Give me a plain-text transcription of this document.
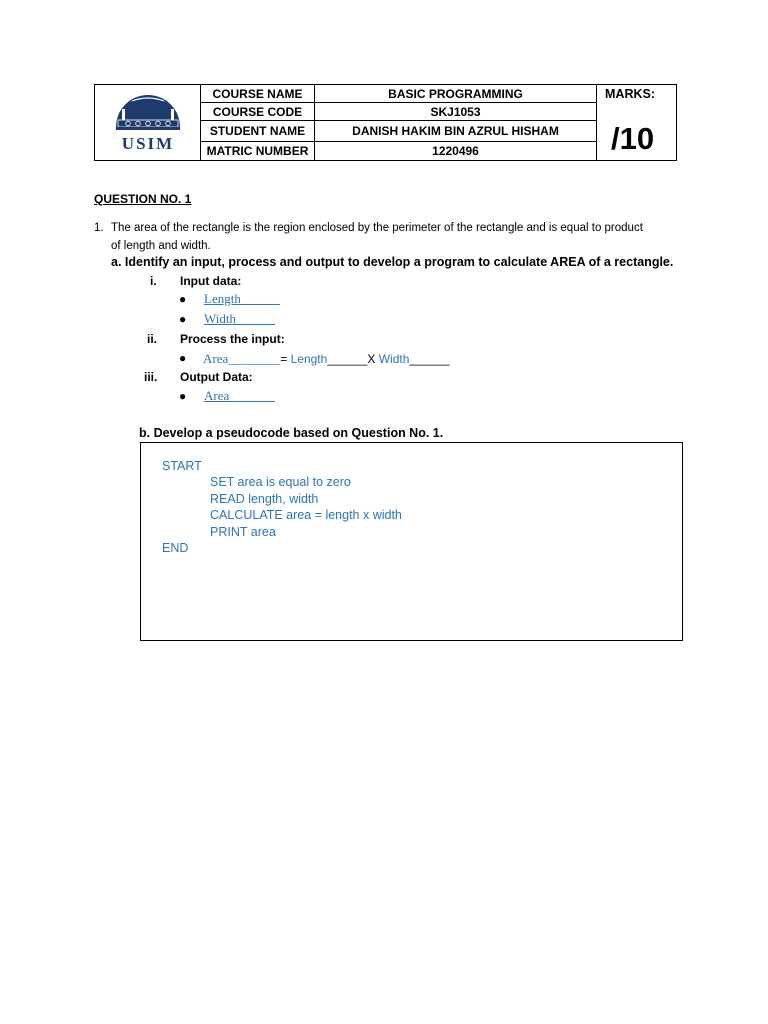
USIM	COURSE NAME	BASIC PROGRAMMING	MARKS:
/10

	COURSE CODE	SKJ1053	
	STUDENT NAME	DANISH HAKIM BIN AZRUL HISHAM	
	MATRIC NUMBER	1220496	
QUESTION NO. 1
1. The area of the rectangle is the region enclosed by the perimeter of the rectangle and is equal to product of length and width.
a. Identify an input, process and output to develop a program to calculate AREA of a rectangle.
i. Input data:
● Length______
● Width______
ii. Process the input:
● Area________= Length______X Width______
iii. Output Data:
● Area_______
b. Develop a pseudocode based on Question No. 1.
START
SET area is equal to zero
READ length, width
CALCULATE area = length x width
PRINT area
END
